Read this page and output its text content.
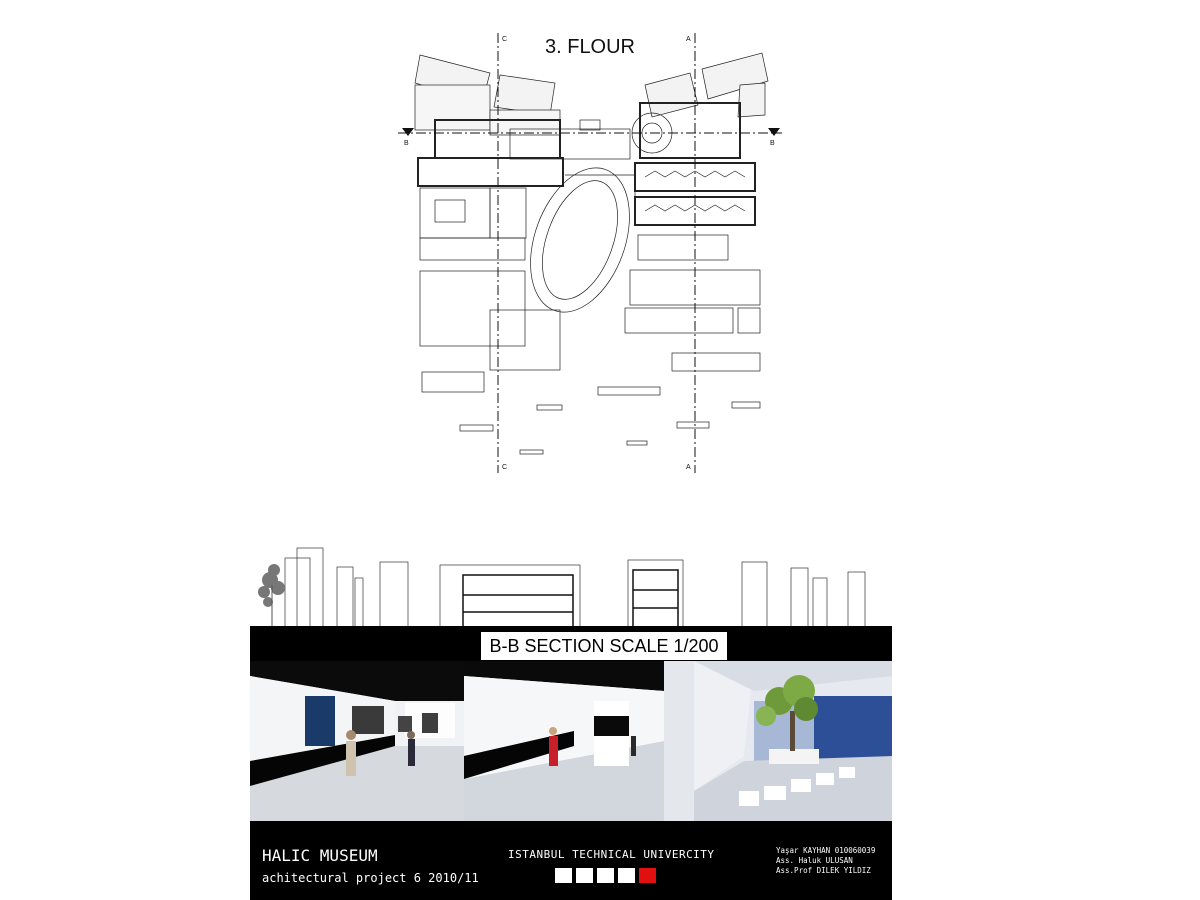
3. FLOUR
C	A
C	A
B	B
B-B SECTION SCALE 1/200
HALIC MUSEUM
achitectural project 6 2010/11
ISTANBUL TECHNICAL UNIVERCITY	Yaşar KAYHAN 010060039
Ass. Haluk ULUSAN
Ass.Prof DILEK YILDIZ
